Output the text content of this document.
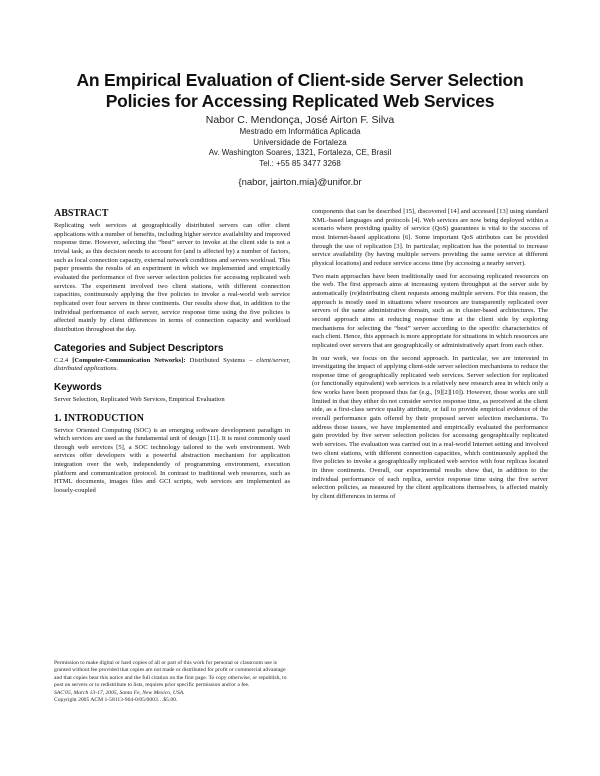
An Empirical Evaluation of Client-side Server Selection
Policies for Accessing Replicated Web Services
Nabor C. Mendonça, José Airton F. Silva
Mestrado em Informática Aplicada
Universidade de Fortaleza
Av. Washington Soares, 1321, Fortaleza, CE, Brasil
Tel.: +55 85 3477 3268
{nabor, jairton.mia}@unifor.br
ABSTRACT

Replicating web services at geographically distributed servers can offer client applications with a number of benefits, including higher service availability and improved response time. However, selecting the “best” server to invoke at the client side is not a trivial task, as this decision needs to account for (and is affected by) a number of factors, such as local connection capacity, external network conditions and servers workload. This paper presents the results of an experiment in which we implemented and empirically evaluated the performance of five server selection policies for accessing replicated web services. The experiment involved two client stations, with different connection capacities, continuously applying the five policies to invoke a real-world web service replicated over four servers in three continents. Our results show that, in addition to the individual performance of each server, service response time using the five policies is affected mainly by client differences in terms of connection capacity and workload distribution throughout the day.

Categories and Subject Descriptors
C.2.4 [Computer-Communication Networks]: Distributed Systems – client/server, distributed applications.
Keywords

Server Selection, Replicated Web Services, Empirical Evaluation

1. INTRODUCTION

Service Oriented Computing (SOC) is an emerging software development paradigm in which services are used as the fundamental unit of design [11]. It is most commonly used through web services [5], a SOC technology tailored to the web environment. Web services offer developers with a powerful abstraction mechanism for application integration over the web, independently of programming environment, execution platform and communication protocol. In contrast to traditional web resources, such as HTML documents, images files and GCI scripts, web services are implemented as loosely-coupled

Permission to make digital or hard copies of all or part of this work for personal or classroom use is granted without fee provided that copies are not made or distributed for profit or commercial advantage and that copies bear this notice and the full citation on the first page. To copy otherwise, or republish, to post on servers or to redistribute to lists, requires prior specific permission and/or a fee.

SAC'05, March 13-17, 2005, Santa Fe, New Mexico, USA.

Copyright 2005 ACM 1-58113-964-0/05/0003…$5.00.

components that can be described [15], discovered [14] and accessed [13] using standard XML-based languages and protocols [4]. Web services are now being deployed within a scenario where providing quality of service (QoS) guarantees is vital to the success of most Internet-based applications [6]. Some important QoS attributes can be provided through the use of replication [3]. In particular, replication has the potential to increase service availability (by having multiple servers providing the same service at different physical locations) and reduce service access time (by accessing a nearby server).

Two main approaches have been traditionally used for accessing replicated resources on the web. The first approach aims at increasing system throughput at the server side by automatically (re)distributing client requests among multiple servers. For this reason, the approach is mostly used in situations where resources are transparently replicated over servers of the same administrative domain, such as in cluster-based architectures. The second approach aims at reducing response time at the client side by exploring mechanisms for selecting the “best” server according to the specific characteristics of each client. Hence, this approach is more appropriate for situations in which resources are replicated over servers that are geographically or administratively apart from each other.

In our work, we focus on the second approach. In particular, we are interested in investigating the impact of applying client-side server selection mechanisms to reduce the response time of geographically replicated web services. Server selection for replicated (or functionally equivalent) web services is a relatively new research area in which only a few works have been proposed thus far (e.g., [9][2][10]). However, those works are still limited in that they either do not consider service response time, as perceived at the client side, as a first-class service quality attribute, or fail to provide empirical evidence of the overall performance gain offered by their proposed server selection mechanisms. To address those issues, we have implemented and empirically evaluated the performance gain provided by five server selection policies for accessing geographically replicated web services. The evaluation was carried out in a real-world Internet setting and involved two client stations, with different connection capacities, which continuously applied the five policies to invoke a geographically replicated web service with four replicas located in three continents. Overall, our experimental results show that, in addition to the individual performance of each replica, service response time using the five server selection policies, as measured by the client applications themselves, is affected mainly by client differences in terms of
